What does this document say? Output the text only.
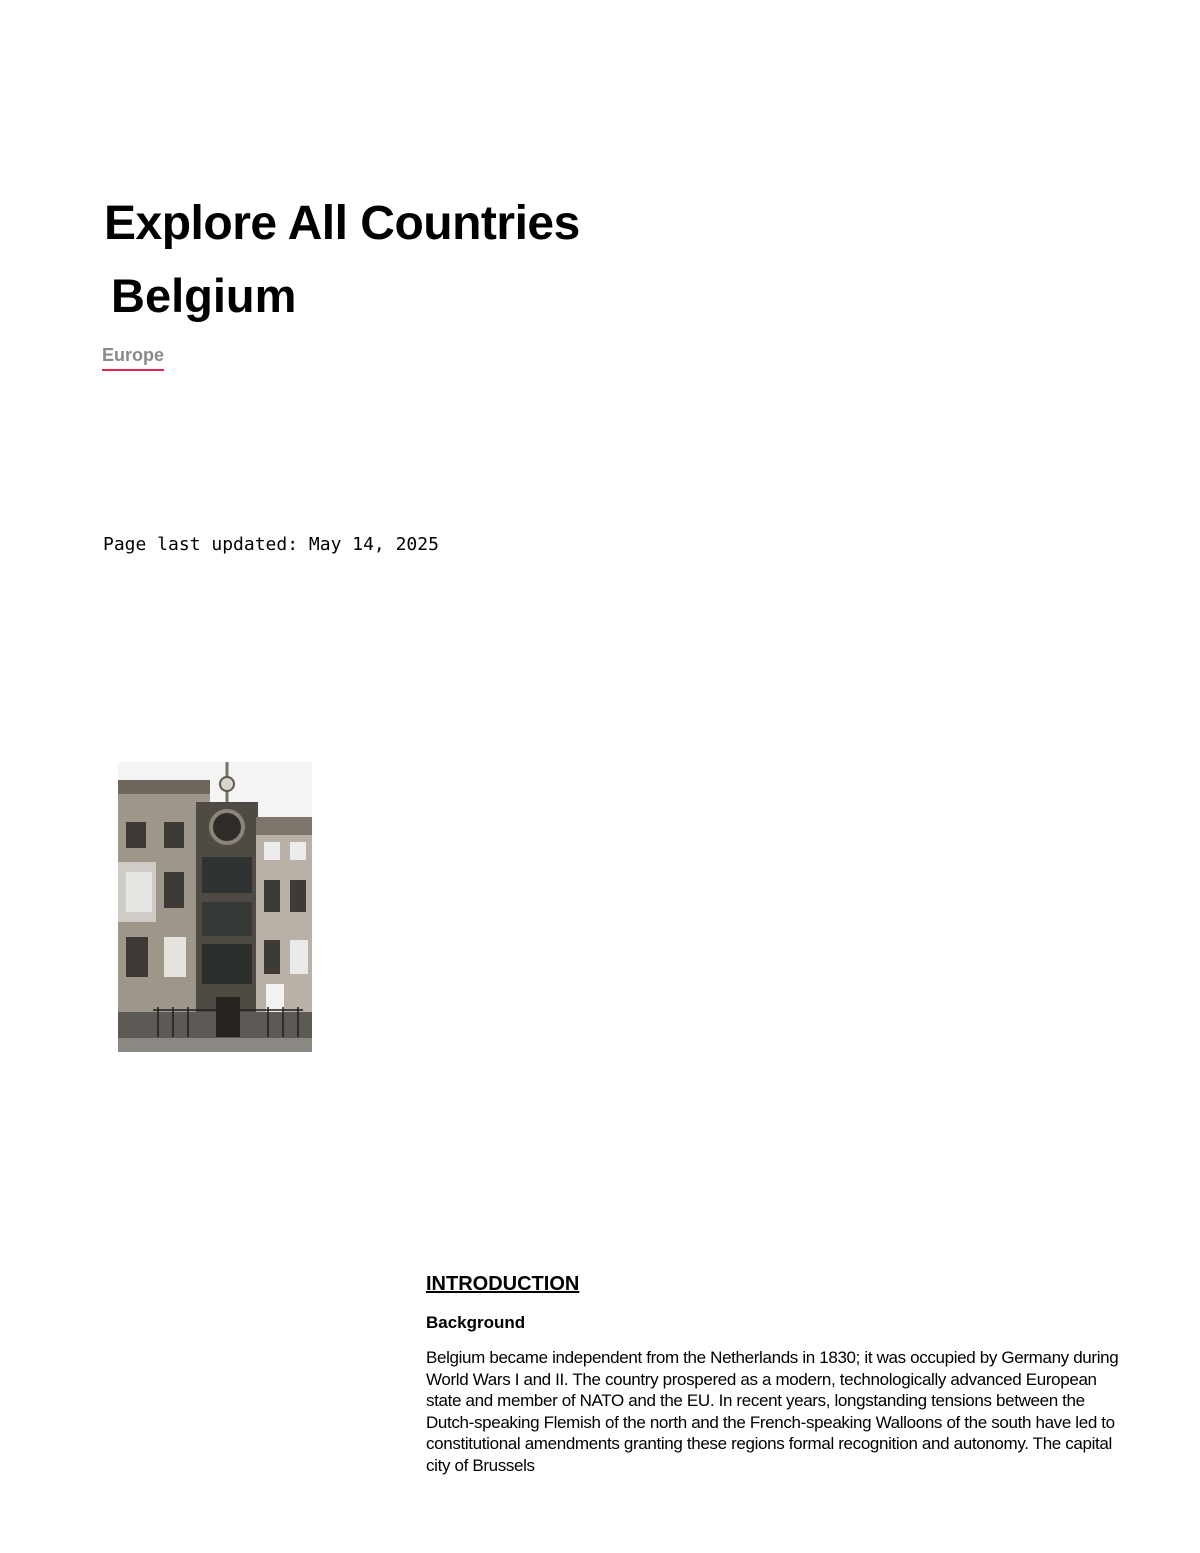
Explore All Countries
Belgium
Europe
Page last updated: May 14, 2025
INTRODUCTION
Background

Belgium became independent from the Netherlands in 1830; it was occupied by Germany during World Wars I and II. The country prospered as a modern, technologically advanced European state and member of NATO and the EU. In recent years, longstanding tensions between the Dutch-speaking Flemish of the north and the French-speaking Walloons of the south have led to constitutional amendments granting these regions formal recognition and autonomy. The capital city of Brussels
